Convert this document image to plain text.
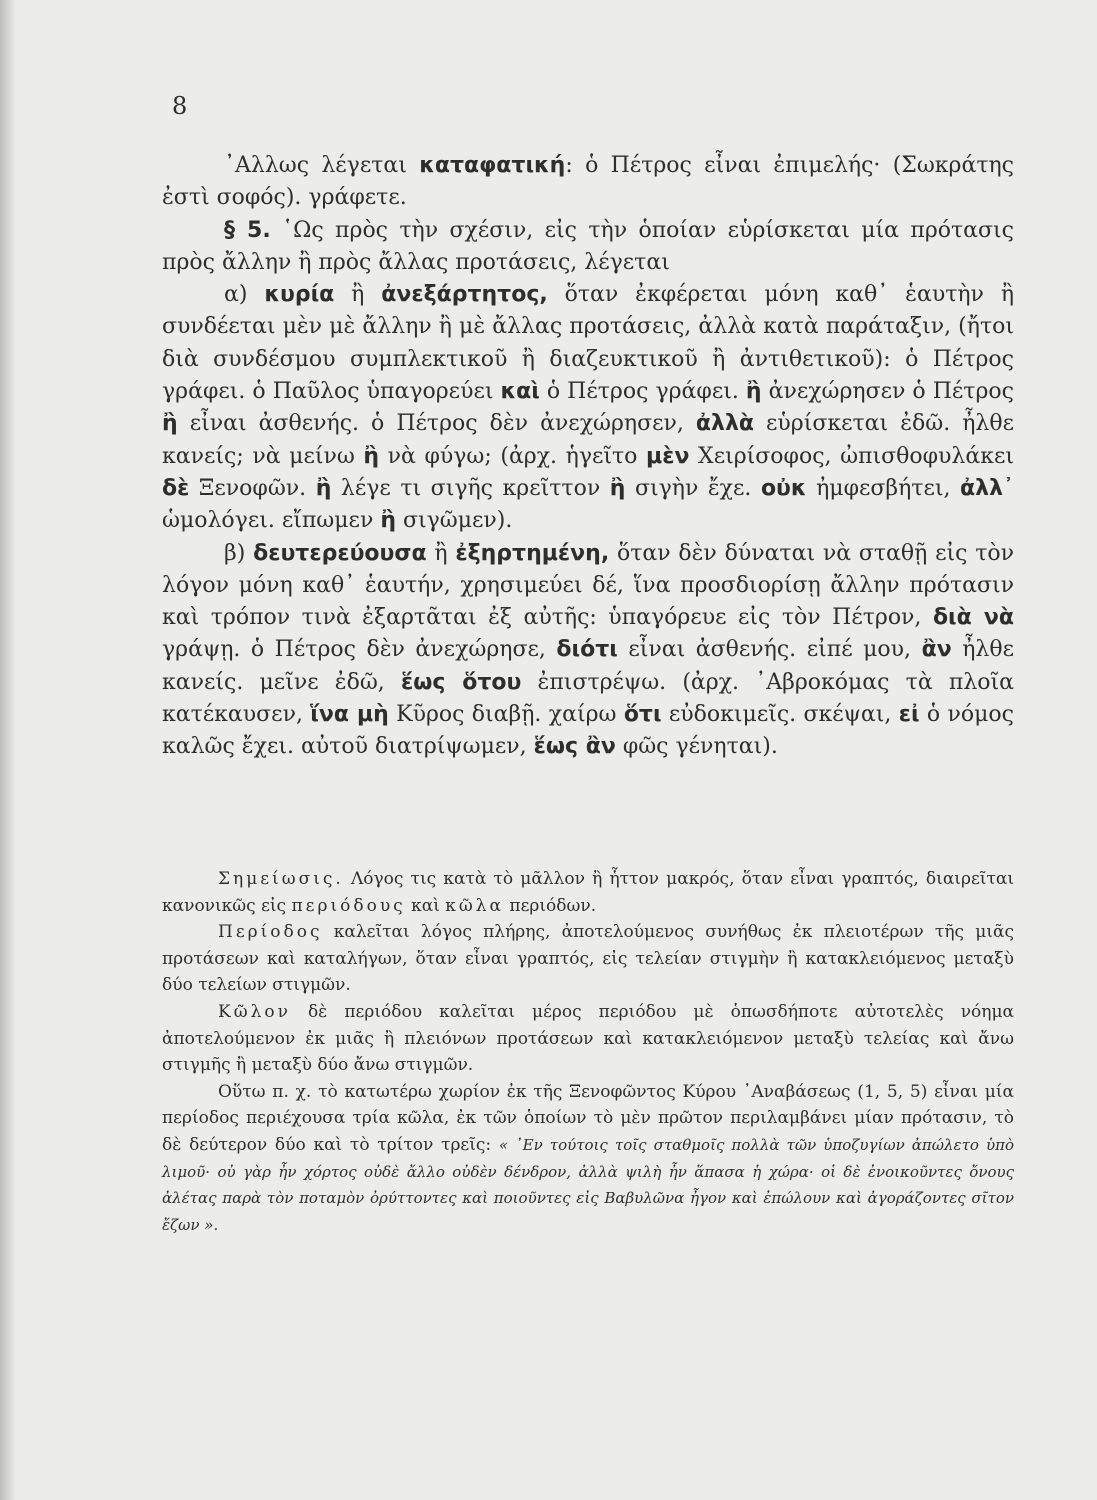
8

᾽Αλλως λέγεται καταφατική: ὁ Πέτρος εἶναι ἐπιμελής· (Σωκράτης ἐστὶ σοφός). γράφετε.

§ 5. ῾Ως πρὸς τὴν σχέσιν, εἰς τὴν ὁποίαν εὑρίσκεται μία πρότασις πρὸς ἄλλην ἢ πρὸς ἄλλας προτάσεις, λέγεται

α) κυρία ἢ ἀνεξάρτητος, ὅταν ἐκφέρεται μόνη καθ᾽ ἑαυτὴν ἢ συνδέεται μὲν μὲ ἄλλην ἢ μὲ ἄλλας προτάσεις, ἀλλὰ κατὰ παράταξιν, (ἤτοι διὰ συνδέσμου συμπλεκτικοῦ ἢ διαζευκτικοῦ ἢ ἀντιθετικοῦ): ὁ Πέτρος γράφει. ὁ Παῦλος ὑπαγορεύει καὶ ὁ Πέτρος γράφει. ἢ ἀνεχώρησεν ὁ Πέτρος ἢ εἶναι ἀσθενής. ὁ Πέτρος δὲν ἀνεχώρησεν, ἀλλὰ εὑρίσκεται ἐδῶ. ἦλθε κανείς; νὰ μείνω ἢ νὰ φύγω; (ἀρχ. ἡγεῖτο μὲν Χειρίσοφος, ὠπισθοφυλάκει δὲ Ξενοφῶν. ἢ λέγε τι σιγῆς κρεῖττον ἢ σιγὴν ἔχε. οὐκ ἠμφεσβήτει, ἀλλ᾽ ὡμολόγει. εἴπωμεν ἢ σιγῶμεν).

β) δευτερεύουσα ἢ ἐξηρτημένη, ὅταν δὲν δύναται νὰ σταθῇ εἰς τὸν λόγον μόνη καθ᾽ ἑαυτήν, χρησιμεύει δέ, ἵνα προσδιορίσῃ ἄλλην πρότασιν καὶ τρόπον τινὰ ἐξαρτᾶται ἐξ αὐτῆς: ὑπαγόρευε εἰς τὸν Πέτρον, διὰ νὰ γράψῃ. ὁ Πέτρος δὲν ἀνεχώρησε, διότι εἶναι ἀσθενής. εἰπέ μου, ἂν ἦλθε κανείς. μεῖνε ἐδῶ, ἕως ὅτου ἐπιστρέψω. (ἀρχ. ᾽Αβροκόμας τὰ πλοῖα κατέκαυσεν, ἵνα μὴ Κῦρος διαβῇ. χαίρω ὅτι εὐδοκιμεῖς. σκέψαι, εἰ ὁ νόμος καλῶς ἔχει. αὐτοῦ διατρίψωμεν, ἕως ἂν φῶς γένηται).

Σημείωσις. Λόγος τις κατὰ τὸ μᾶλλον ἢ ἧττον μακρός, ὅταν εἶναι γραπτός, διαιρεῖται κανονικῶς εἰς περιόδους καὶ κῶλα περιόδων.

Περίοδος καλεῖται λόγος πλήρης, ἀποτελούμενος συνήθως ἐκ πλειοτέρων τῆς μιᾶς προτάσεων καὶ καταλήγων, ὅταν εἶναι γραπτός, εἰς τελείαν στιγμὴν ἢ κατακλειόμενος μεταξὺ δύο τελείων στιγμῶν.

Κῶλον δὲ περιόδου καλεῖται μέρος περιόδου μὲ ὁπωσδήποτε αὐτοτελὲς νόημα ἀποτελούμενον ἐκ μιᾶς ἢ πλειόνων προτάσεων καὶ κατακλειόμενον μεταξὺ τελείας καὶ ἄνω στιγμῆς ἢ μεταξὺ δύο ἄνω στιγμῶν.

Οὕτω π. χ. τὸ κατωτέρω χωρίον ἐκ τῆς Ξενοφῶντος Κύρου ᾽Αναβάσεως (1, 5, 5) εἶναι μία περίοδος περιέχουσα τρία κῶλα, ἐκ τῶν ὁποίων τὸ μὲν πρῶτον περιλαμβάνει μίαν πρότασιν, τὸ δὲ δεύτερον δύο καὶ τὸ τρίτον τρεῖς: « ᾽Εν τούτοις τοῖς σταθμοῖς πολλὰ τῶν ὑποζυγίων ἀπώλετο ὑπὸ λιμοῦ· οὐ γὰρ ἦν χόρτος οὐδὲ ἄλλο οὐδὲν δένδρον, ἀλλὰ ψιλὴ ἦν ἅπασα ἡ χώρα· οἱ δὲ ἐνοικοῦντες ὄνους ἀλέτας παρὰ τὸν ποταμὸν ὀρύττοντες καὶ ποιοῦντες εἰς Βαβυλῶνα ἦγον καὶ ἐπώλουν καὶ ἀγοράζοντες σῖτον ἔζων ».
